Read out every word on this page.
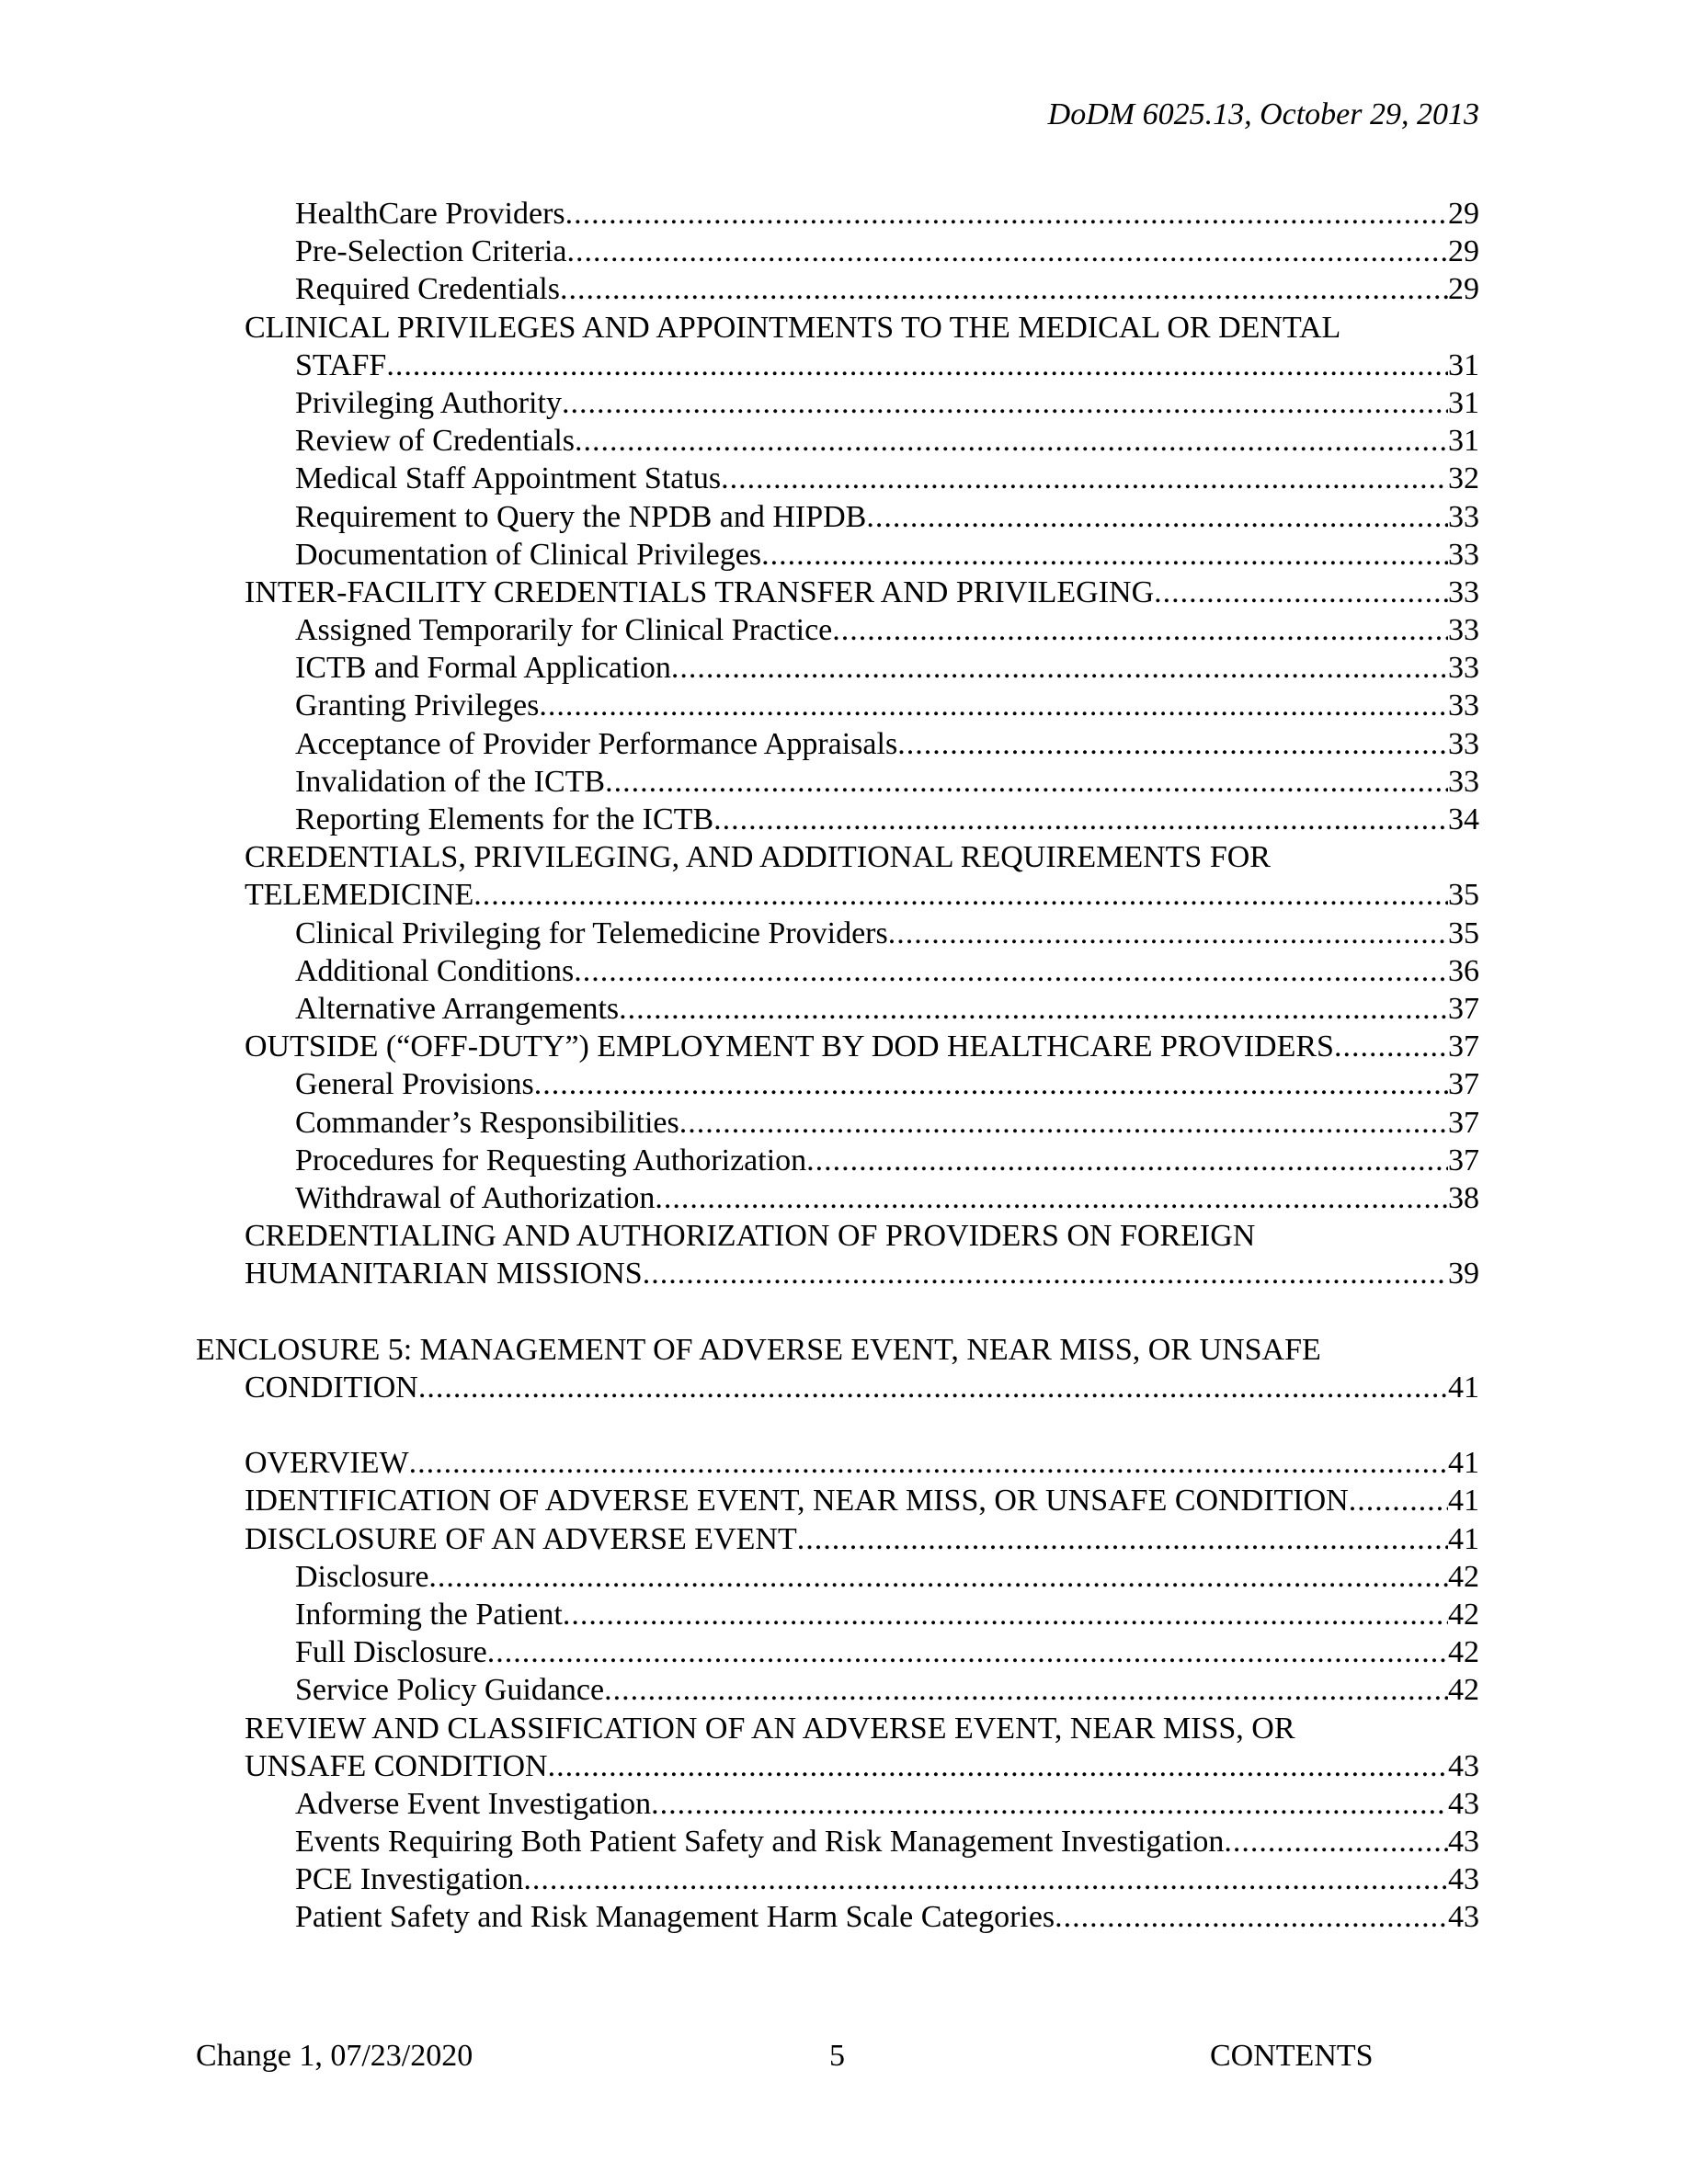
DoDM 6025.13, October 29, 2013
HealthCare Providers .....	29
Pre-Selection Criteria .....	29
Required Credentials .....	29
CLINICAL PRIVILEGES AND APPOINTMENTS TO THE MEDICAL OR DENTAL
STAFF .....	31
Privileging Authority .....	31
Review of Credentials .....	31
Medical Staff Appointment Status .....	32
Requirement to Query the NPDB and HIPDB .....	33
Documentation of Clinical Privileges .....	33
INTER-FACILITY CREDENTIALS TRANSFER AND PRIVILEGING .....	33
Assigned Temporarily for Clinical Practice .....	33
ICTB and Formal Application .....	33
Granting Privileges .....	33
Acceptance of Provider Performance Appraisals .....	33
Invalidation of the ICTB .....	33
Reporting Elements for the ICTB .....	34
CREDENTIALS, PRIVILEGING, AND ADDITIONAL REQUIREMENTS FOR
TELEMEDICINE .....	35
Clinical Privileging for Telemedicine Providers .....	35
Additional Conditions .....	36
Alternative Arrangements .....	37
OUTSIDE (“OFF-DUTY”) EMPLOYMENT BY DOD HEALTHCARE PROVIDERS .....	37
General Provisions .....	37
Commander’s Responsibilities .....	37
Procedures for Requesting Authorization .....	37
Withdrawal of Authorization .....	38
CREDENTIALING AND AUTHORIZATION OF PROVIDERS ON FOREIGN
HUMANITARIAN MISSIONS .....	39
ENCLOSURE 5: MANAGEMENT OF ADVERSE EVENT, NEAR MISS, OR UNSAFE
CONDITION .....	41
OVERVIEW .....	41
IDENTIFICATION OF ADVERSE EVENT, NEAR MISS, OR UNSAFE CONDITION .....	41
DISCLOSURE OF AN ADVERSE EVENT .....	41
Disclosure .....	42
Informing the Patient .....	42
Full Disclosure .....	42
Service Policy Guidance .....	42
REVIEW AND CLASSIFICATION OF AN ADVERSE EVENT, NEAR MISS, OR
UNSAFE CONDITION .....	43
Adverse Event Investigation .....	43
Events Requiring Both Patient Safety and Risk Management Investigation .....	43
PCE Investigation .....	43
Patient Safety and Risk Management Harm Scale Categories .....	43
Change 1, 07/23/2020	5	CONTENTS
